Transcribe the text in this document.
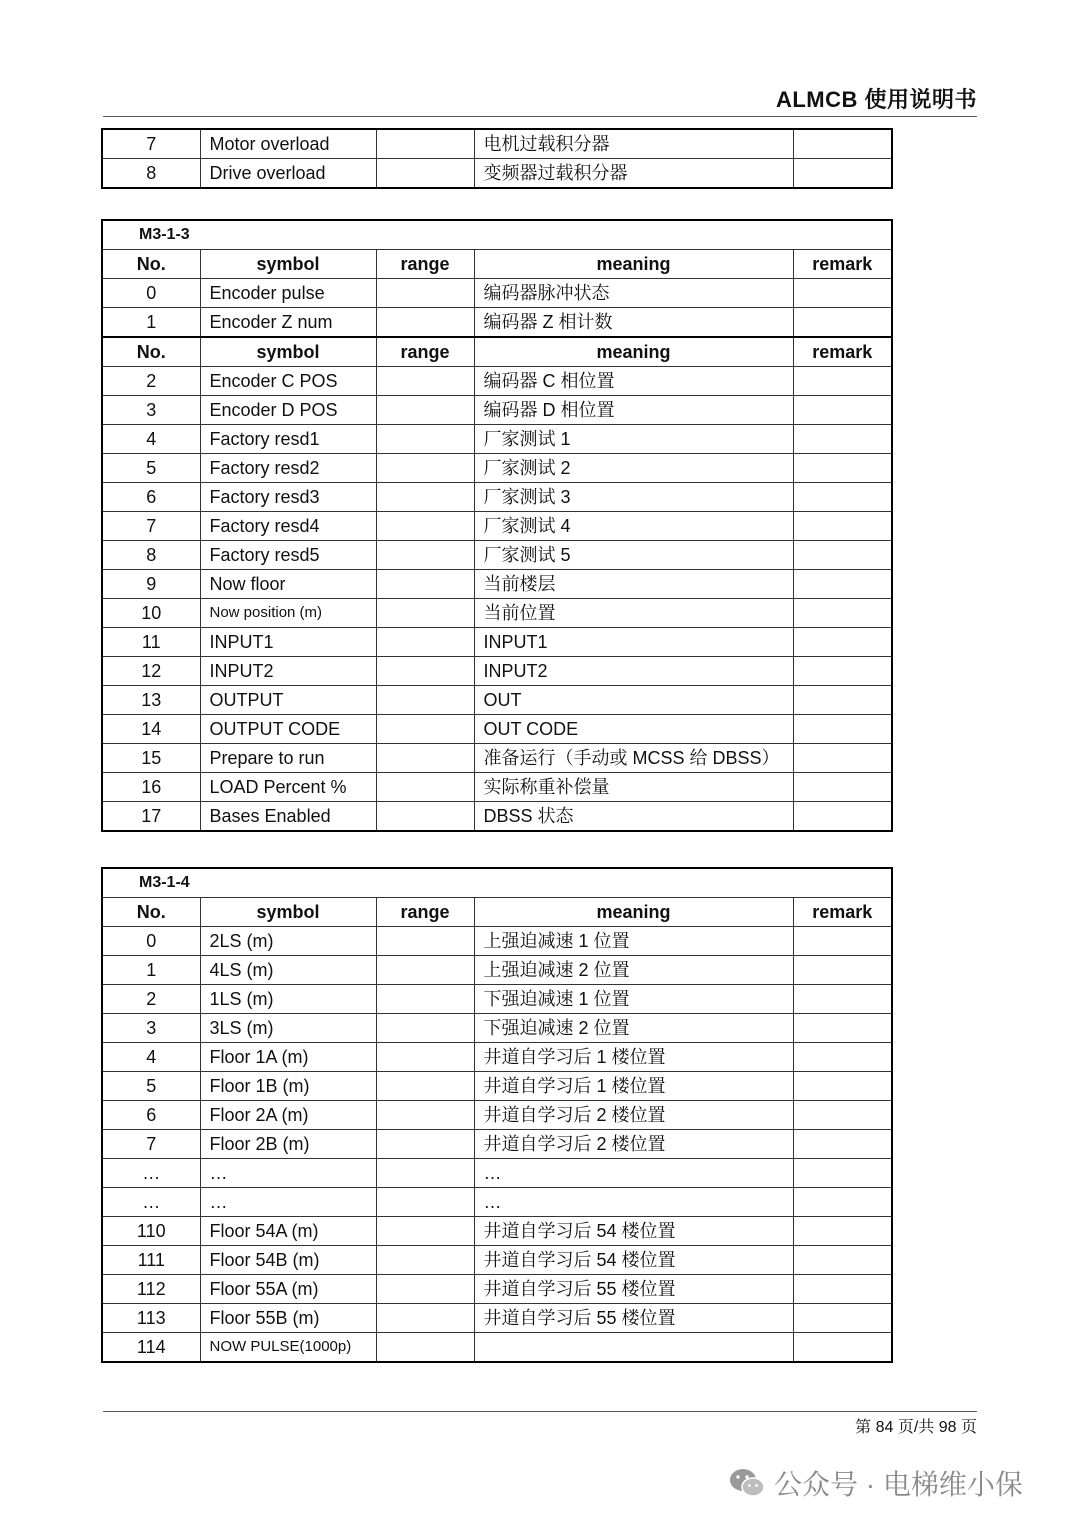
ALMCB 使用说明书
7	Motor overload		电机过载积分器	
8	Drive overload		变频器过载积分器	
M3-1-3				
No.	symbol	range	meaning	remark
0	Encoder pulse		编码器脉冲状态	
1	Encoder Z num		编码器 Z 相计数	
No.	symbol	range	meaning	remark
2	Encoder C POS		编码器 C 相位置	
3	Encoder D POS		编码器 D 相位置	
4	Factory resd1		厂家测试 1	
5	Factory resd2		厂家测试 2	
6	Factory resd3		厂家测试 3	
7	Factory resd4		厂家测试 4	
8	Factory resd5		厂家测试 5	
9	Now floor		当前楼层	
10	Now position (m)		当前位置	
11	INPUT1		INPUT1	
12	INPUT2		INPUT2	
13	OUTPUT		OUT	
14	OUTPUT CODE		OUT CODE	
15	Prepare to run		准备运行（手动或 MCSS 给 DBSS）	
16	LOAD Percent %		实际称重补偿量	
17	Bases Enabled		DBSS 状态	
M3-1-4				
No.	symbol	range	meaning	remark
0	2LS (m)		上强迫减速 1 位置	
1	4LS (m)		上强迫减速 2 位置	
2	1LS (m)		下强迫减速 1 位置	
3	3LS (m)		下强迫减速 2 位置	
4	Floor 1A (m)		井道自学习后 1 楼位置	
5	Floor 1B (m)		井道自学习后 1 楼位置	
6	Floor 2A (m)		井道自学习后 2 楼位置	
7	Floor 2B (m)		井道自学习后 2 楼位置	
…	…		…	
…	…		…	
110	Floor 54A (m)		井道自学习后 54 楼位置	
111	Floor 54B (m)		井道自学习后 54 楼位置	
112	Floor 55A (m)		井道自学习后 55 楼位置	
113	Floor 55B (m)		井道自学习后 55 楼位置	
114	NOW PULSE(1000p)			
第 84 页/共 98 页
公众号 · 电梯维小保
